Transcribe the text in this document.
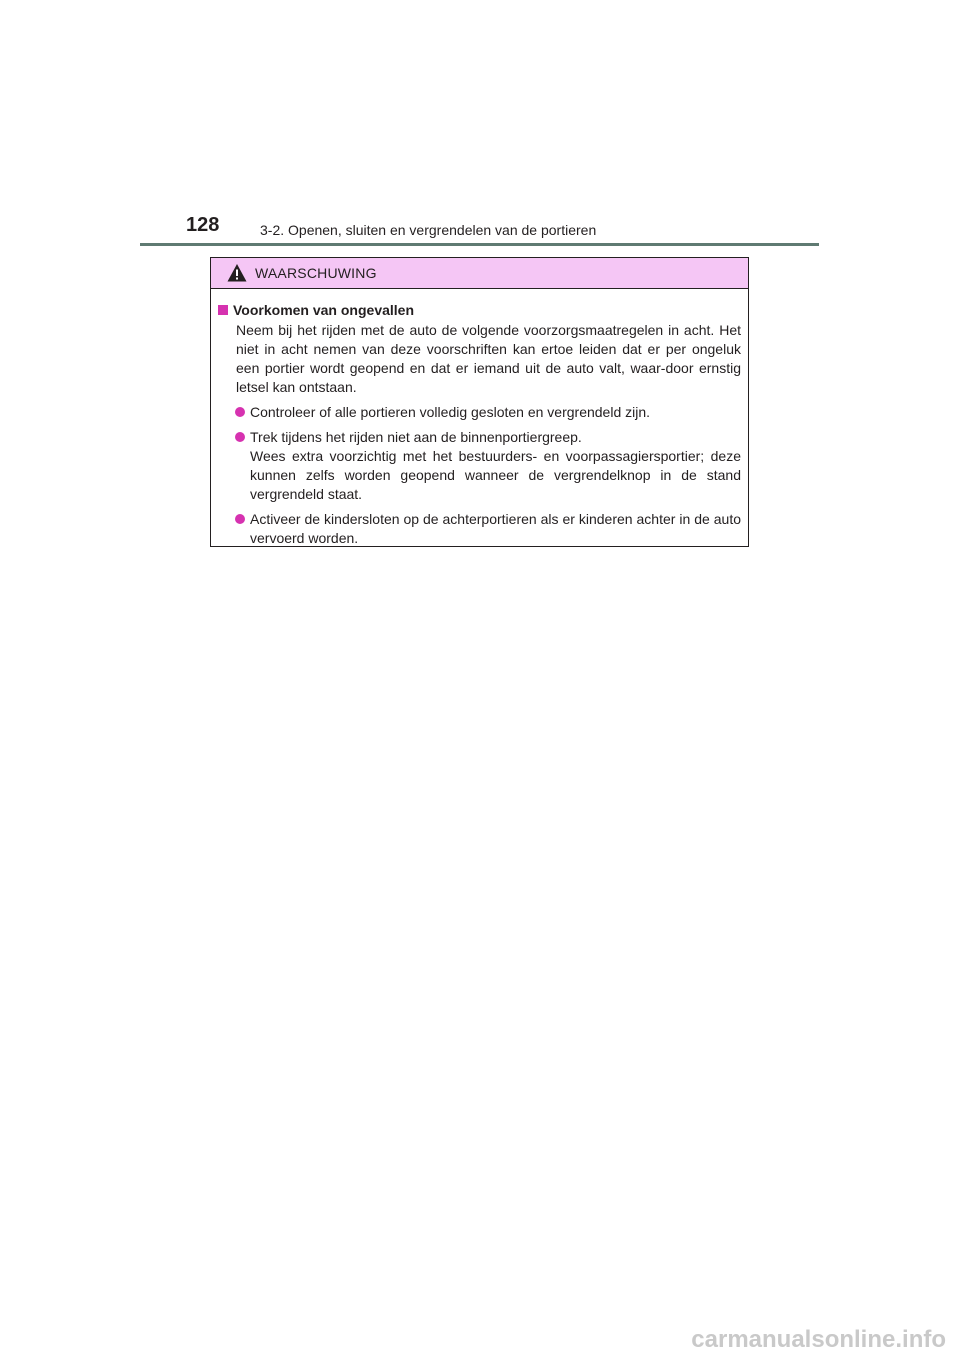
128	3-2. Openen, sluiten en vergrendelen van de portieren
WAARSCHUWING
Voorkomen van ongevallen
Neem bij het rijden met de auto de volgende voorzorgsmaatregelen in acht. Het niet in acht nemen van deze voorschriften kan ertoe leiden dat er per ongeluk een portier wordt geopend en dat er iemand uit de auto valt, waar-door ernstig letsel kan ontstaan.
Controleer of alle portieren volledig gesloten en vergrendeld zijn.
Trek tijdens het rijden niet aan de binnenportiergreep.
Wees extra voorzichtig met het bestuurders- en voorpassagiersportier; deze kunnen zelfs worden geopend wanneer de vergrendelknop in de stand vergrendeld staat.
Activeer de kindersloten op de achterportieren als er kinderen achter in de auto vervoerd worden.
carmanualsonline.info
